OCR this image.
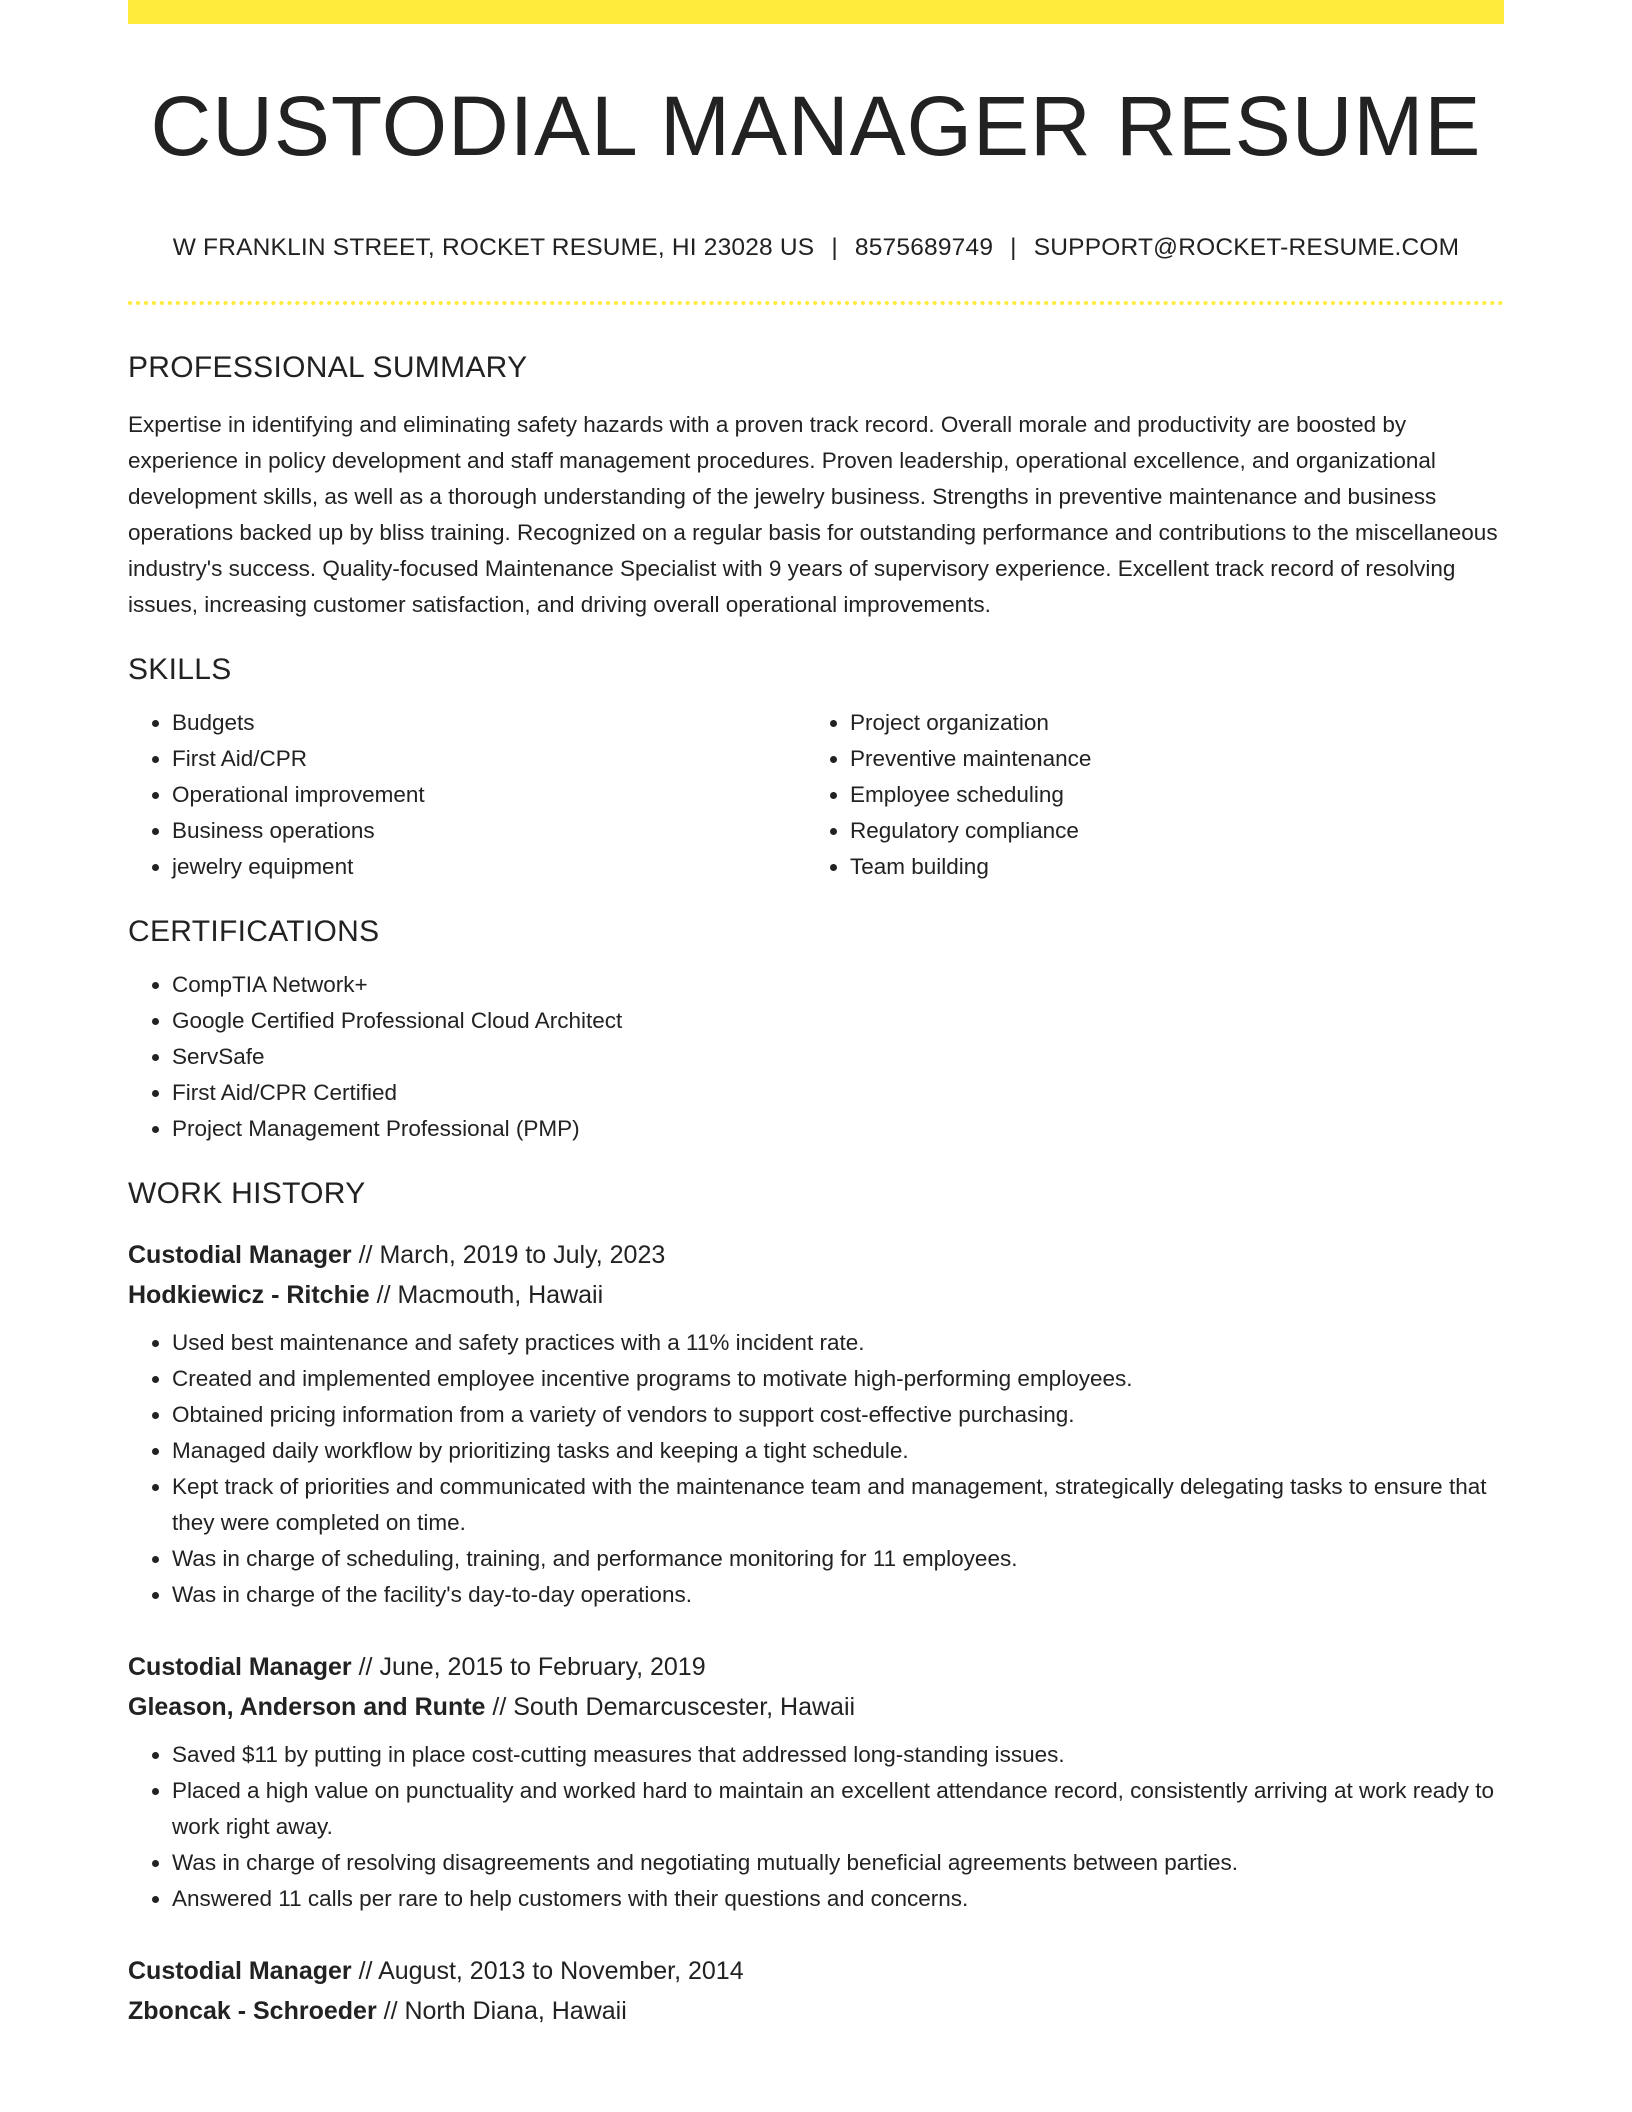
CUSTODIAL MANAGER RESUME
W FRANKLIN STREET, ROCKET RESUME, HI 23028 US | 8575689749 | SUPPORT@ROCKET-RESUME.COM
PROFESSIONAL SUMMARY
Expertise in identifying and eliminating safety hazards with a proven track record. Overall morale and productivity are boosted by experience in policy development and staff management procedures. Proven leadership, operational excellence, and organizational development skills, as well as a thorough understanding of the jewelry business. Strengths in preventive maintenance and business operations backed up by bliss training. Recognized on a regular basis for outstanding performance and contributions to the miscellaneous industry's success. Quality-focused Maintenance Specialist with 9 years of supervisory experience. Excellent track record of resolving issues, increasing customer satisfaction, and driving overall operational improvements.
SKILLS
• Budgets
• First Aid/CPR
• Operational improvement
• Business operations
• jewelry equipment
• Project organization
• Preventive maintenance
• Employee scheduling
• Regulatory compliance
• Team building
CERTIFICATIONS
• CompTIA Network+
• Google Certified Professional Cloud Architect
• ServSafe
• First Aid/CPR Certified
• Project Management Professional (PMP)
WORK HISTORY
Custodial Manager // March, 2019 to July, 2023
Hodkiewicz - Ritchie // Macmouth, Hawaii
• Used best maintenance and safety practices with a 11% incident rate.
• Created and implemented employee incentive programs to motivate high-performing employees.
• Obtained pricing information from a variety of vendors to support cost-effective purchasing.
• Managed daily workflow by prioritizing tasks and keeping a tight schedule.
• Kept track of priorities and communicated with the maintenance team and management, strategically delegating tasks to ensure that they were completed on time.
• Was in charge of scheduling, training, and performance monitoring for 11 employees.
• Was in charge of the facility's day-to-day operations.
Custodial Manager // June, 2015 to February, 2019
Gleason, Anderson and Runte // South Demarcuscester, Hawaii
• Saved $11 by putting in place cost-cutting measures that addressed long-standing issues.
• Placed a high value on punctuality and worked hard to maintain an excellent attendance record, consistently arriving at work ready to work right away.
• Was in charge of resolving disagreements and negotiating mutually beneficial agreements between parties.
• Answered 11 calls per rare to help customers with their questions and concerns.
Custodial Manager // August, 2013 to November, 2014
Zboncak - Schroeder // North Diana, Hawaii
